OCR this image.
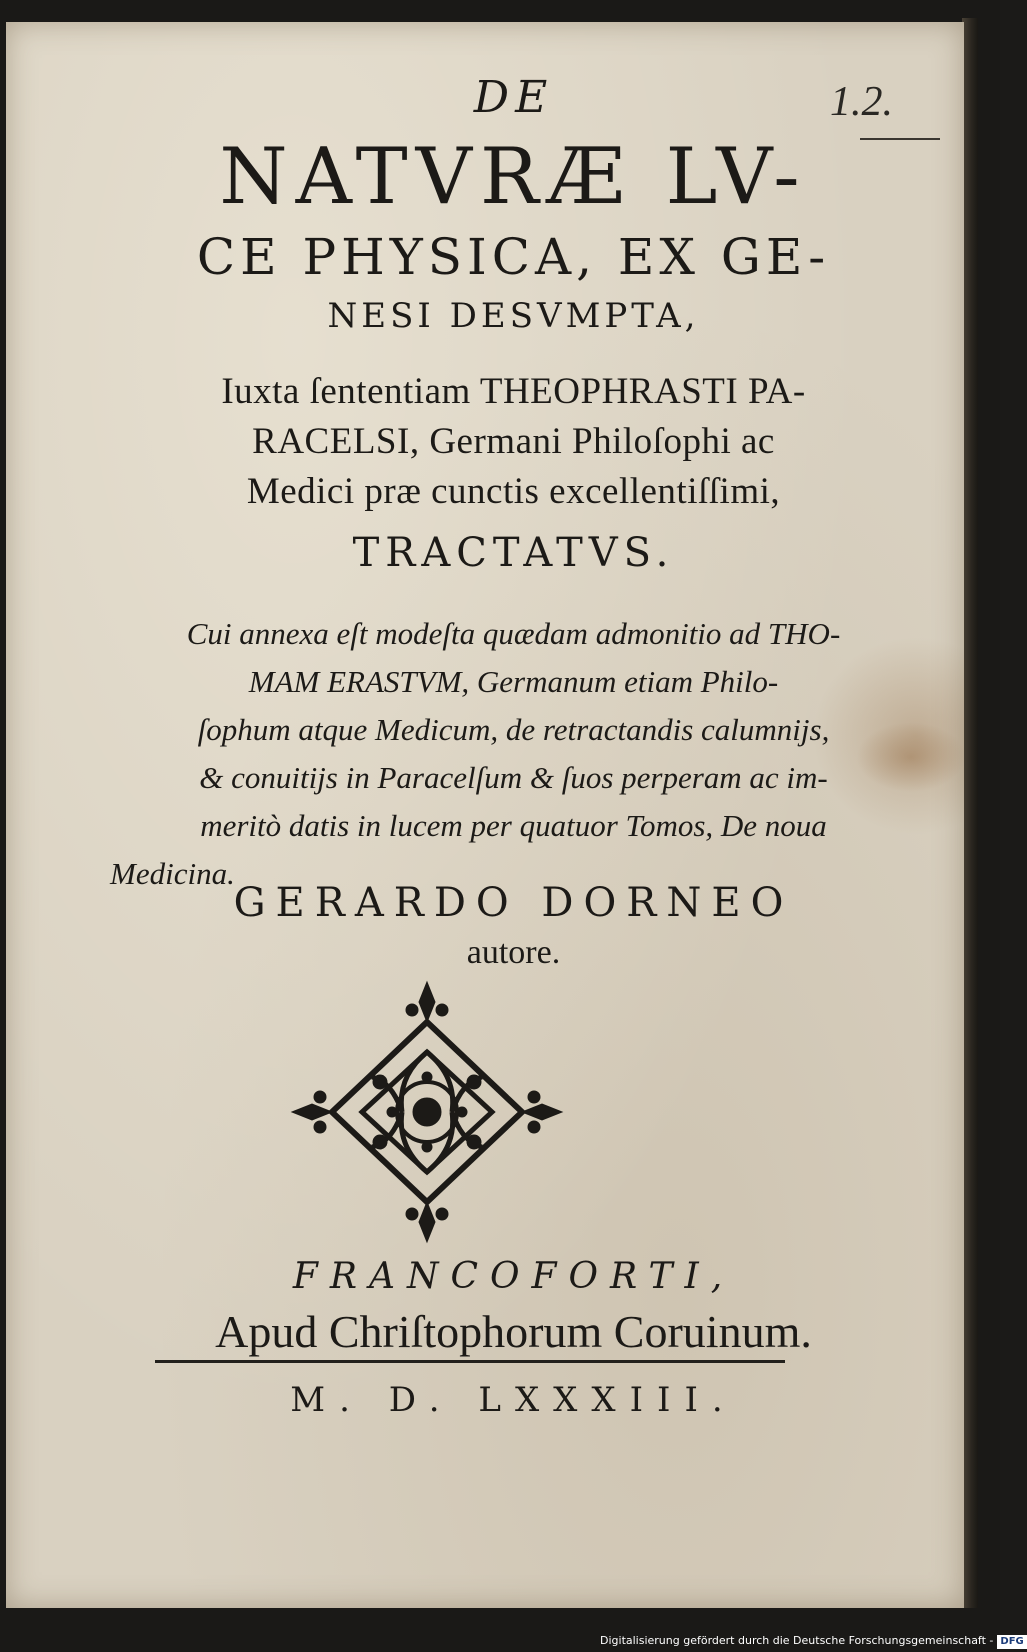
1.2.
DE
NATVRÆ LV-
CE PHYSICA, EX GE-
NESI DESVMPTA,
Iuxta ſententiam THEOPHRASTI PA-
RACELSI, Germani Philoſophi ac
Medici præ cunctis excellentiſſimi,
TRACTATVS.
Cui annexa eſt modeſta quædam admonitio ad THO-
MAM ERASTVM, Germanum etiam Philo-
ſophum atque Medicum, de retractandis calumnijs,
& conuitijs in Paracelſum & ſuos perperam ac im-
meritò datis in lucem per quatuor Tomos, De noua
Medicina.
GERARDO DORNEO
autore.
FRANCOFORTI,
Apud Chriſtophorum Coruinum.
M. D. LXXXIII.
Digitalisierung gefördert durch die Deutsche Forschungsgemeinschaft - DFG
